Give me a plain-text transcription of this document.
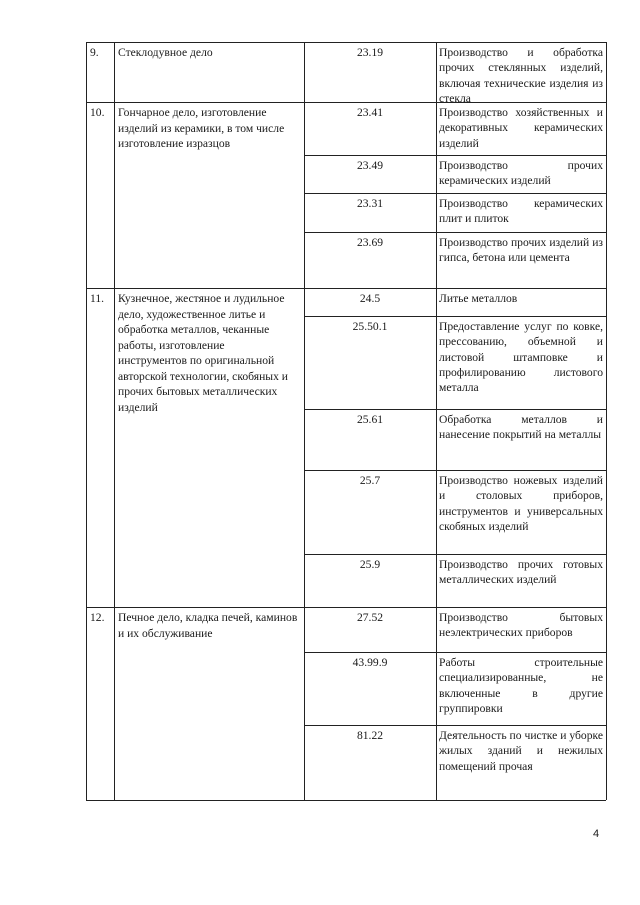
9. Стеклодувное дело	23.19	Производство и обработка прочих стеклянных изделий, включая технические изделия из стекла
10. Гончарное дело, изготовление изделий из керамики, в том числе изготовление изразцов
23.41	Производство хозяйственных и декоративных керамических изделий
23.49	Производство прочих керамических изделий
23.31	Производство керамических плит и плиток
23.69	Производство прочих изделий из гипса, бетона или цемента
11. Кузнечное, жестяное и лудильное дело, художественное литье и обработка металлов, чеканные работы, изготовление инструментов по оригинальной авторской технологии, скобяных и прочих бытовых металлических изделий
24.5	Литье металлов
25.50.1	Предоставление услуг по ковке, прессованию, объемной и листовой штамповке и профилированию листового металла
25.61	Обработка металлов и нанесение покрытий на металлы
25.7	Производство ножевых изделий и столовых приборов, инструментов и универсальных скобяных изделий
25.9	Производство прочих готовых металлических изделий
12. Печное дело, кладка печей, каминов и их обслуживание
27.52	Производство бытовых неэлектрических приборов
43.99.9	Работы строительные специализированные, не включенные в другие группировки
81.22	Деятельность по чистке и уборке жилых зданий и нежилых помещений прочая
4
